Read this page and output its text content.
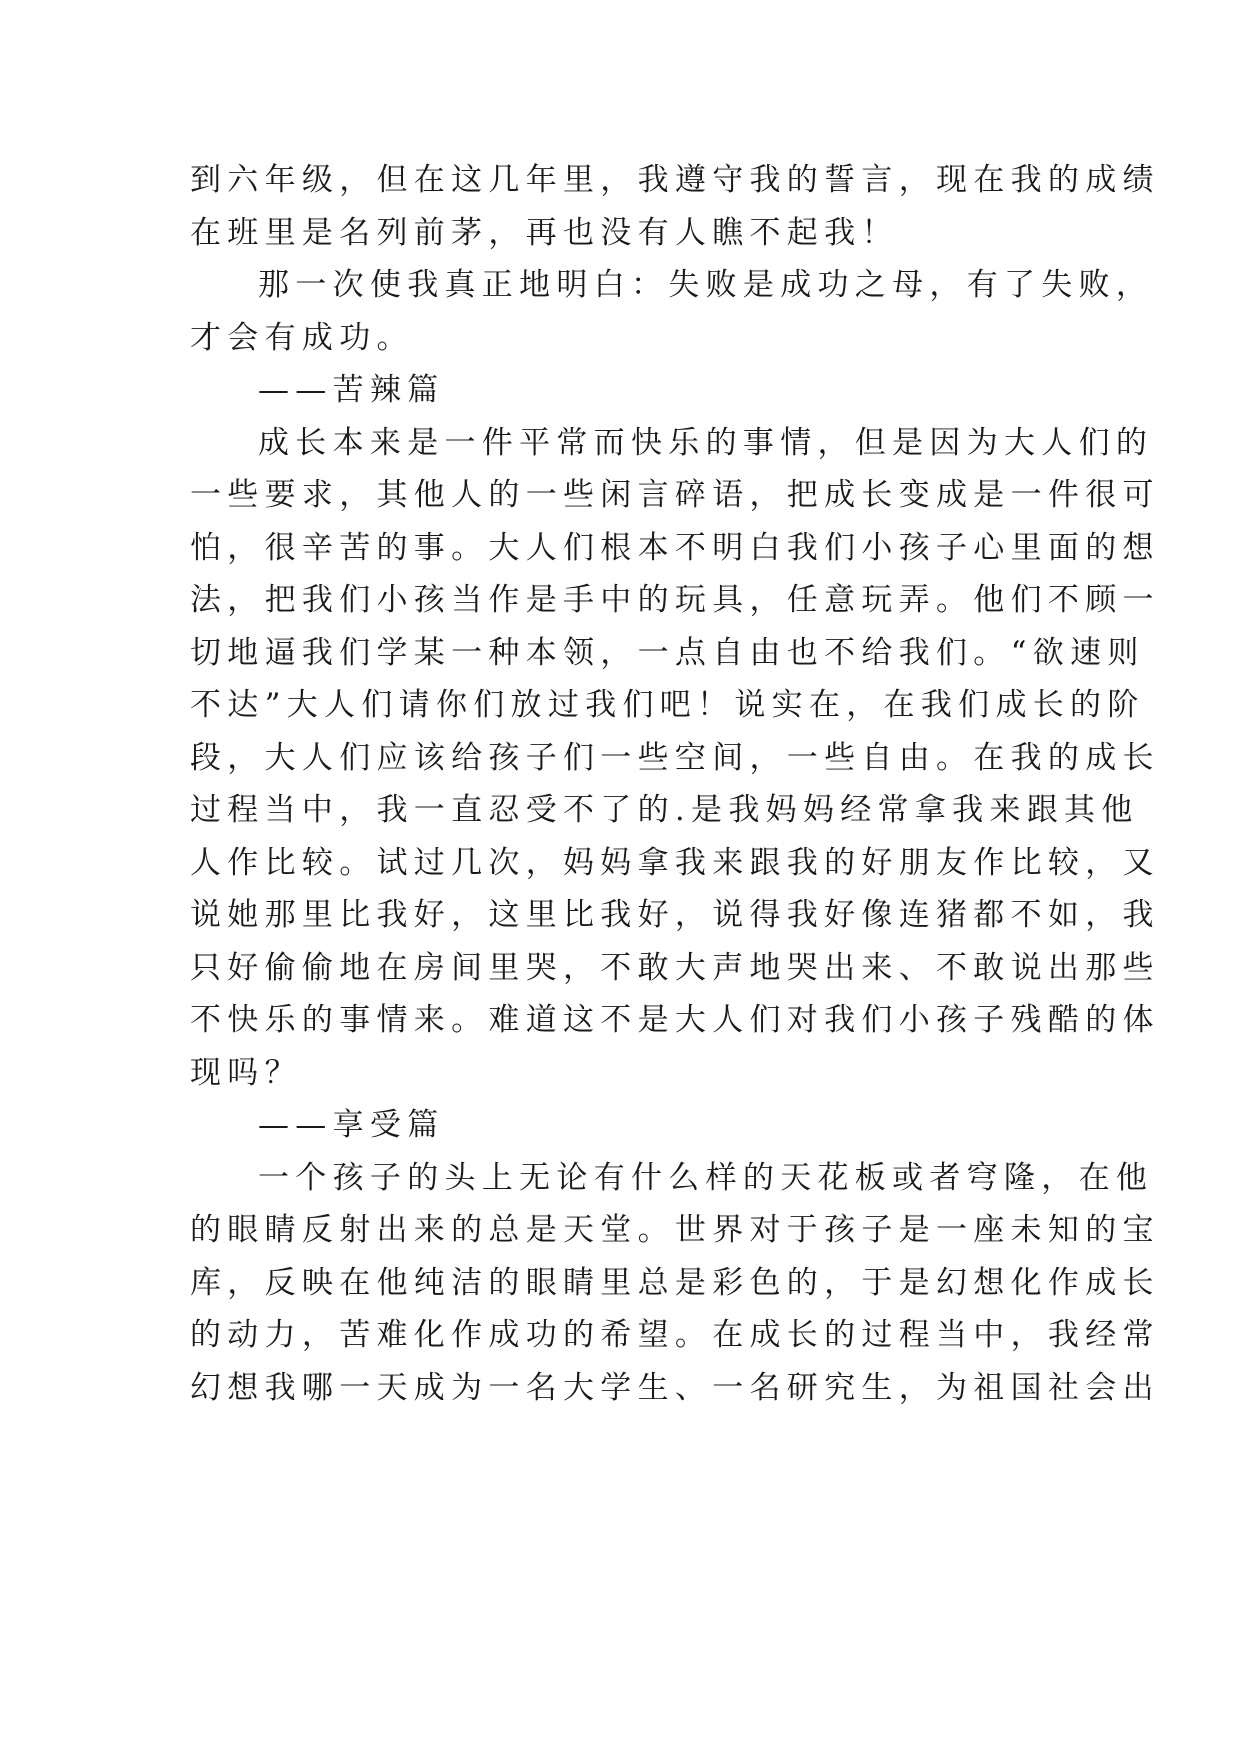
到六年级，但在这几年里，我遵守我的誓言，现在我的成绩
在班里是名列前茅，再也没有人瞧不起我！
那一次使我真正地明白：失败是成功之母，有了失败，
才会有成功。
——苦辣篇
成长本来是一件平常而快乐的事情，但是因为大人们的
一些要求，其他人的一些闲言碎语，把成长变成是一件很可
怕，很辛苦的事。大人们根本不明白我们小孩子心里面的想
法，把我们小孩当作是手中的玩具，任意玩弄。他们不顾一
切地逼我们学某一种本领，一点自由也不给我们。“欲速则
不达”大人们请你们放过我们吧！说实在，在我们成长的阶
段，大人们应该给孩子们一些空间，一些自由。在我的成长
过程当中，我一直忍受不了的.是我妈妈经常拿我来跟其他
人作比较。试过几次，妈妈拿我来跟我的好朋友作比较，又
说她那里比我好，这里比我好，说得我好像连猪都不如，我
只好偷偷地在房间里哭，不敢大声地哭出来、不敢说出那些
不快乐的事情来。难道这不是大人们对我们小孩子残酷的体
现吗？
——享受篇
一个孩子的头上无论有什么样的天花板或者穹隆，在他
的眼睛反射出来的总是天堂。世界对于孩子是一座未知的宝
库，反映在他纯洁的眼睛里总是彩色的，于是幻想化作成长
的动力，苦难化作成功的希望。在成长的过程当中，我经常
幻想我哪一天成为一名大学生、一名研究生，为祖国社会出
